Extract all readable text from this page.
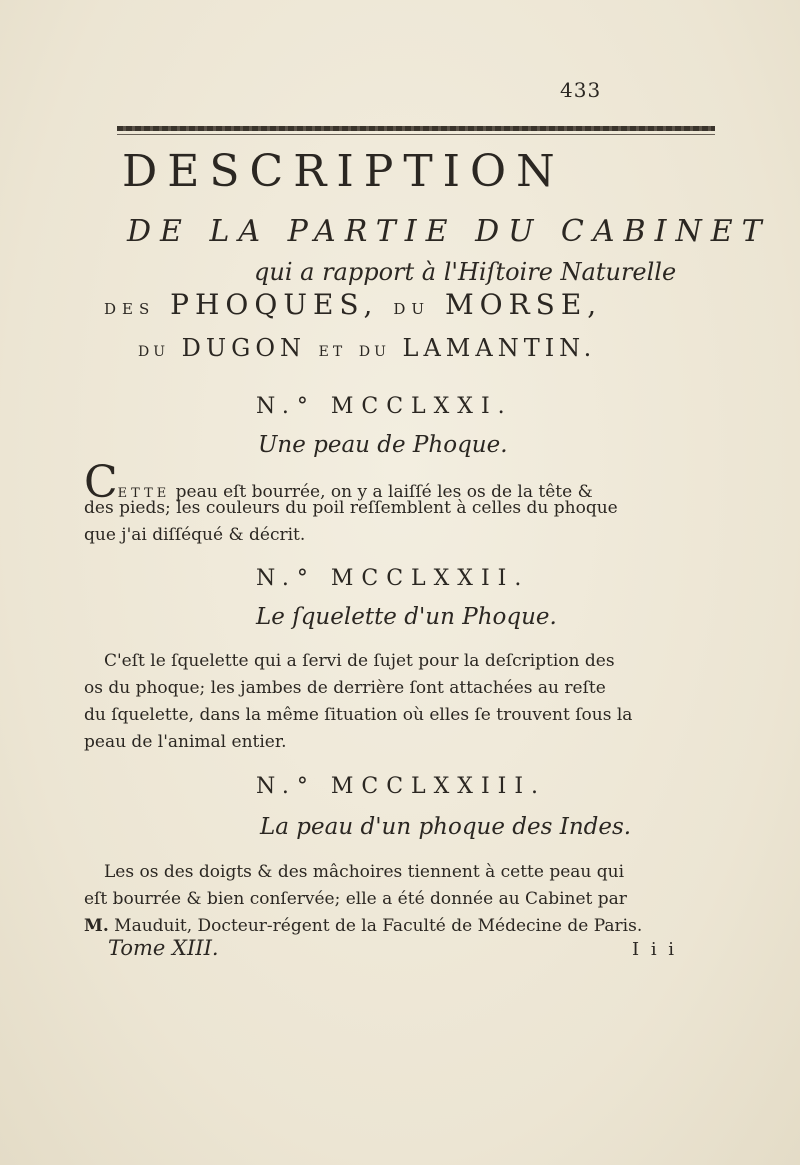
433
DESCRIPTION
DE LA PARTIE DU CABINET
qui a rapport à l'Hiſtoire Naturelle
DES PHOQUES, DU MORSE,
DU DUGON ET DU LAMANTIN.
N.° MCCLXXI.
Une peau de Phoque.
CETTE peau eſt bourrée, on y a laiſſé les os de la tête &
des pieds; les couleurs du poil reſſemblent à celles du phoque
que j'ai diſſéqué & décrit.
N.° MCCLXXII.
Le ſquelette d'un Phoque.
C'eſt le ſquelette qui a ſervi de ſujet pour la deſcription des
os du phoque; les jambes de derrière ſont attachées au reſte
du ſquelette, dans la même ſituation où elles ſe trouvent ſous la
peau de l'animal entier.
N.° MCCLXXIII.
La peau d'un phoque des Indes.
Les os des doigts & des mâchoires tiennent à cette peau qui
eſt bourrée & bien conſervée; elle a été donnée au Cabinet par
M. Mauduit, Docteur-régent de la Faculté de Médecine de Paris.
Tome XIII.	I i i
